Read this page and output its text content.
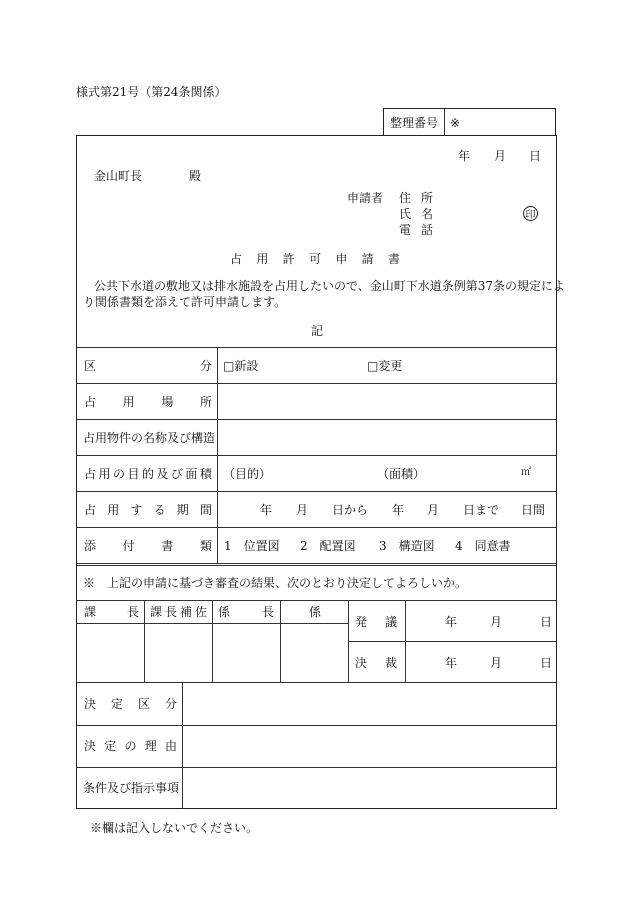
様式第21号（第24条関係）
整理番号 ※
年 月 日
金山町長	殿
申請者 住 所
氏 名
電 話
印
占 用 許 可 申 請 書
公共下水道の敷地又は排水施設を占用したいので、金山町下水道条例第37条の規定によ
り関係書類を添えて許可申請します。
記
区	分 □新設	□変更
占 用 場 所
占用物件の名称及び構造
占 用 の 目 的 及 び 面 積 （目的）	（面積）	㎡
占 用 す る 期 間	年 月 日から 年 月 日まで 日間
添 付 書 類 1　位置図 2　配置図 3　構造図 4　同意書
※　上記の申請に基づき審査の結果、次のとおり決定してよろしいか。
課	長 課 長 補 佐 係	長	係
発 議	年	月	日
決 裁	年	月	日
決 定 区 分
決 定 の 理 由
条件及び指示事項
※欄は記入しないでください。
